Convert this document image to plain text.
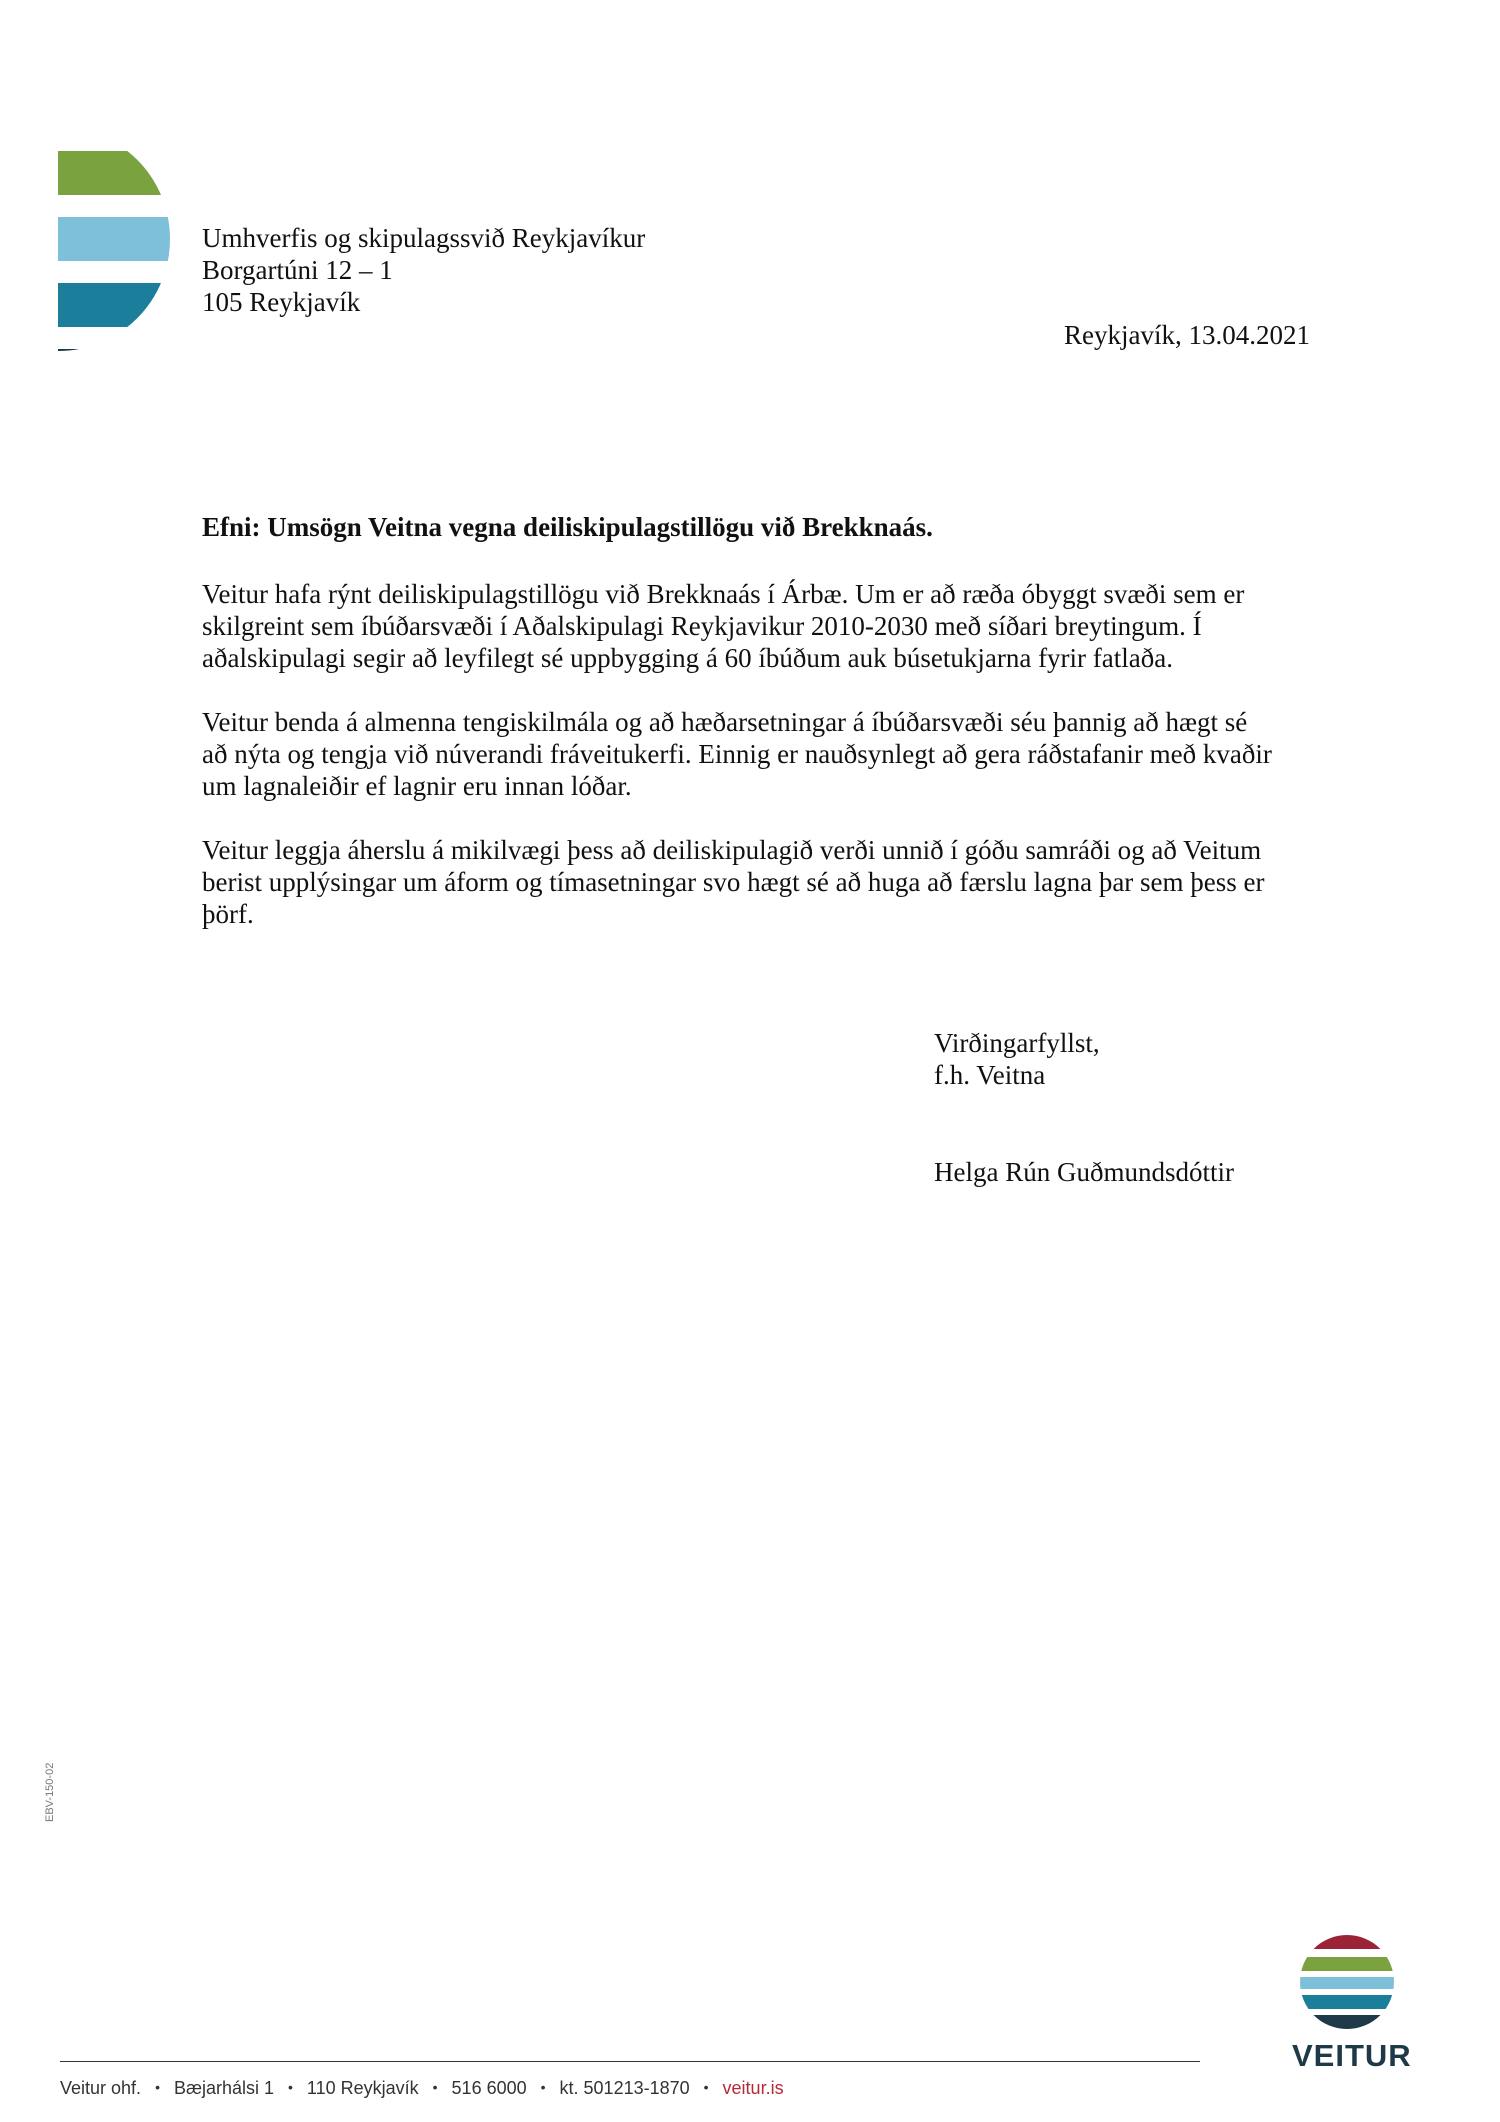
Umhverfis og skipulagssvið Reykjavíkur
Borgartúni 12 – 1
105 Reykjavík
Reykjavík, 13.04.2021
Efni: Umsögn Veitna vegna deiliskipulagstillögu við Brekknaás.

Veitur hafa rýnt deiliskipulagstillögu við Brekknaás í Árbæ. Um er að ræða óbyggt svæði sem er
skilgreint sem íbúðarsvæði í Aðalskipulagi Reykjavikur 2010-2030 með síðari breytingum. Í
aðalskipulagi segir að leyfilegt sé uppbygging á 60 íbúðum auk búsetukjarna fyrir fatlaða.

Veitur benda á almenna tengiskilmála og að hæðarsetningar á íbúðarsvæði séu þannig að hægt sé
að nýta og tengja við núverandi fráveitukerfi. Einnig er nauðsynlegt að gera ráðstafanir með kvaðir
um lagnaleiðir ef lagnir eru innan lóðar.

Veitur leggja áherslu á mikilvægi þess að deiliskipulagið verði unnið í góðu samráði og að Veitum
berist upplýsingar um áform og tímasetningar svo hægt sé að huga að færslu lagna þar sem þess er
þörf.

Virðingarfyllst,
f.h. Veitna
Helga Rún Guðmundsdóttir
EBV-150-02
VEITUR
Veitur ohf. • Bæjarhálsi 1 • 110 Reykjavík • 516 6000 • kt. 501213-1870 • veitur.is
